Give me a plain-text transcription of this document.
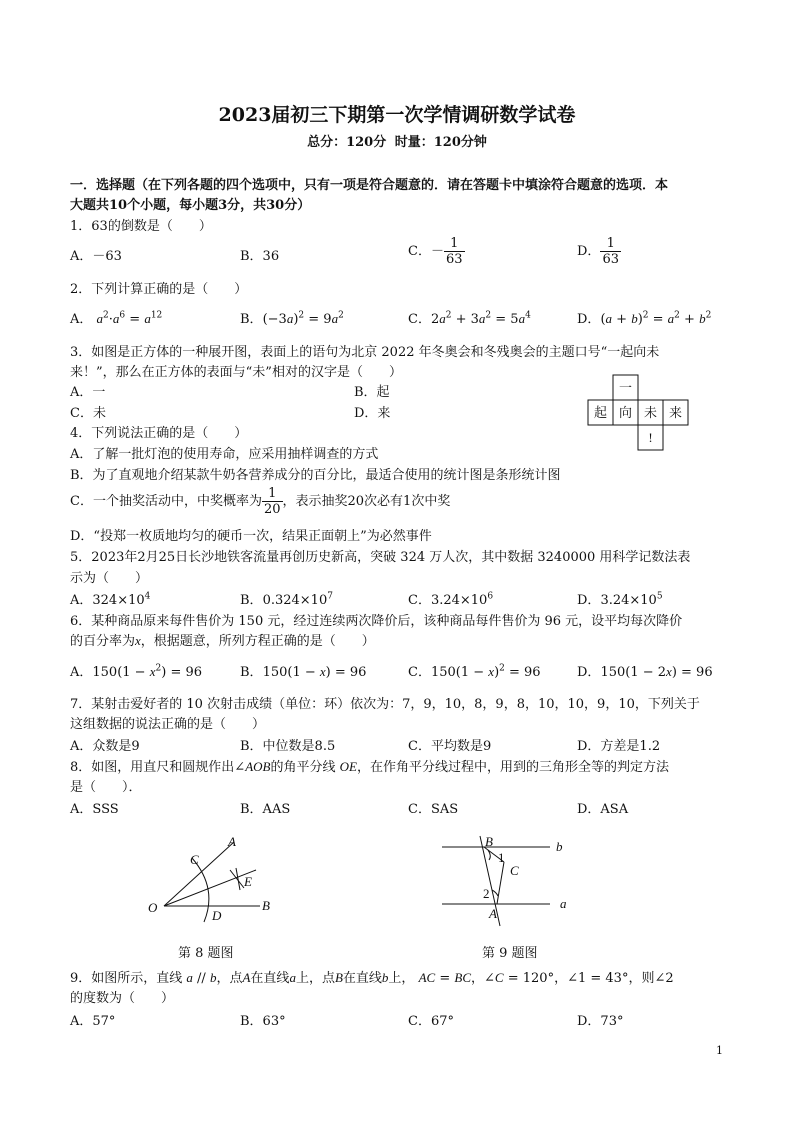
2023届初三下期第一次学情调研数学试卷
总分：120分 时量：120分钟
一．选择题（在下列各题的四个选项中，只有一项是符合题意的．请在答题卡中填涂符合题意的选项．本
大题共10个小题，每小题3分，共30分）
1．63的倒数是（　　）
A．－63	B．36	C．－ $\frac{1}{63}$	D． $\frac{1}{63}$
2．下列计算正确的是（　　）
A． $a^2\cdot a^6 = a^{12}$	B．$(-3a)^2 = 9a^2$	C．$2a^2 + 3a^2 = 5a^4$	D．$(a + b)^2 = a^2 + b^2$
3．如图是正方体的一种展开图，表面上的语句为北京 2022 年冬奥会和冬残奥会的主题口号“一起向未
来！”，那么在正方体的表面与“未”相对的汉字是（　　）
A．一	B．起
C．未	D．来
一
起 向 未 来
!
4．下列说法正确的是（　　）
A．了解一批灯泡的使用寿命，应采用抽样调查的方式
B．为了直观地介绍某款牛奶各营养成分的百分比，最适合使用的统计图是条形统计图
C．一个抽奖活动中，中奖概率为 $\frac{1}{20}$ ，表示抽奖20次必有1次中奖
D．“投郑一枚质地均匀的硬币一次，结果正面朝上”为必然事件
5．2023年2月25日长沙地铁客流量再创历史新高，突破 324 万人次，其中数据 3240000 用科学记数法表
示为（　　）
A．$324\times 10^4$	B．$0.324\times 10^7$	C．$3.24\times 10^6$	D．$3.24\times 10^5$
6．某种商品原来每件售价为 150 元，经过连续两次降价后，该种商品每件售价为 96 元，设平均每次降价
的百分率为x，根据题意，所列方程正确的是（　　）
A．$150(1 - x^2) = 96$	B．150(1 − x) = 96	C．$150(1 - x)^2 = 96$	D．150(1 − 2x) = 96
7．某射击爱好者的 10 次射击成绩（单位：环）依次为：7，9，10，8，9，8，10，10，9，10，下列关于
这组数据的说法正确的是（　　）
A．众数是9	B．中位数是8.5	C．平均数是9	D．方差是1.2
8．如图，用直尺和圆规作出∠AOB的角平分线 OE，在作角平分线过程中，用到的三角形全等的判定方法
是（　　）．
A．SSS	B．AAS	C．SAS	D．ASA
A
C
E
O
D
B
第 8 题图
B	b
1
C
2
a
A
第 9 题图
9．如图所示，直线 a // b，点A在直线a上，点B在直线b上， AC = BC，∠C = 120°，∠1 = 43°，则∠2
的度数为（　　）
A．57°	B．63°	C．67°	D．73°
1
